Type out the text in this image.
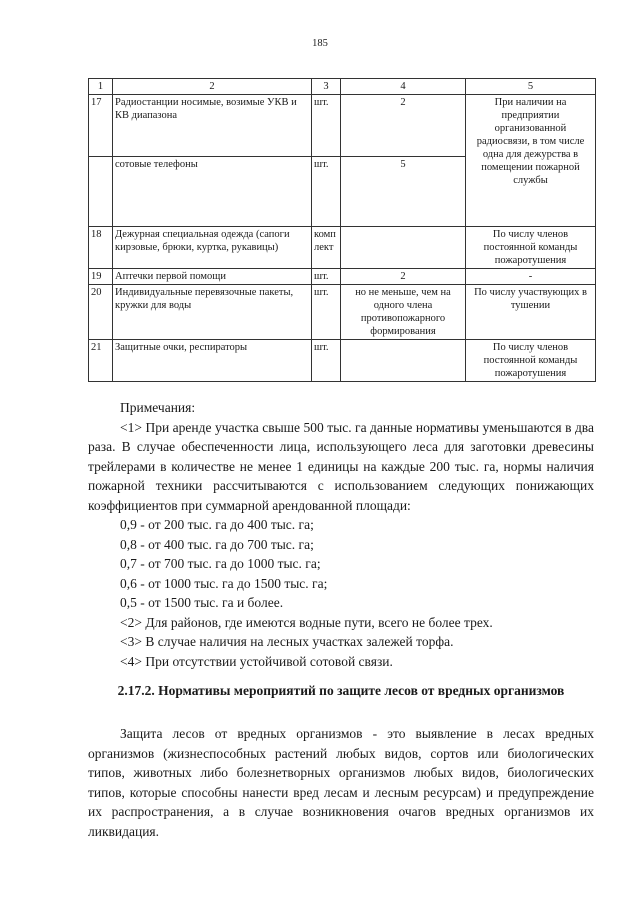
185
1	2	3	4	5
17	Радиостанции носимые, возимые УКВ и КВ диапазона	шт.	2	При наличии на предприятии организованной радиосвязи, в том числе одна для дежурства в помещении пожарной службы
	сотовые телефоны	шт.	5	
18	Дежурная специальная одежда (сапоги кирзовые, брюки, куртка, рукавицы)	комплект		По числу членов постоянной команды пожаротушения
19	Аптечки первой помощи	шт.	2	-
20	Индивидуальные перевязочные пакеты, кружки для воды	шт.	но не меньше, чем на одного члена противопожарного формирования	По числу участвующих в тушении
21	Защитные очки, респираторы	шт.		По числу членов постоянной команды пожаротушения

Примечания:

<1> При аренде участка свыше 500 тыс. га данные нормативы уменьшаются в два раза. В случае обеспеченности лица, использующего леса для заготовки древесины трейлерами в количестве не менее 1 единицы на каждые 200 тыс. га, нормы наличия пожарной техники рассчитываются с использованием следующих понижающих коэффициентов при суммарной арендованной площади:

0,9 - от 200 тыс. га до 400 тыс. га;

0,8 - от 400 тыс. га до 700 тыс. га;

0,7 - от 700 тыс. га до 1000 тыс. га;

0,6 - от 1000 тыс. га до 1500 тыс. га;

0,5 - от 1500 тыс. га и более.

<2> Для районов, где имеются водные пути, всего не более трех.

<3> В случае наличия на лесных участках залежей торфа.

<4> При отсутствии устойчивой сотовой связи.

2.17.2. Нормативы мероприятий по защите лесов от вредных организмов

Защита лесов от вредных организмов - это выявление в лесах вредных организмов (жизнеспособных растений любых видов, сортов или биологических типов, животных либо болезнетворных организмов любых видов, биологических типов, которые способны нанести вред лесам и лесным ресурсам) и предупреждение их распространения, а в случае возникновения очагов вредных организмов их ликвидация.
